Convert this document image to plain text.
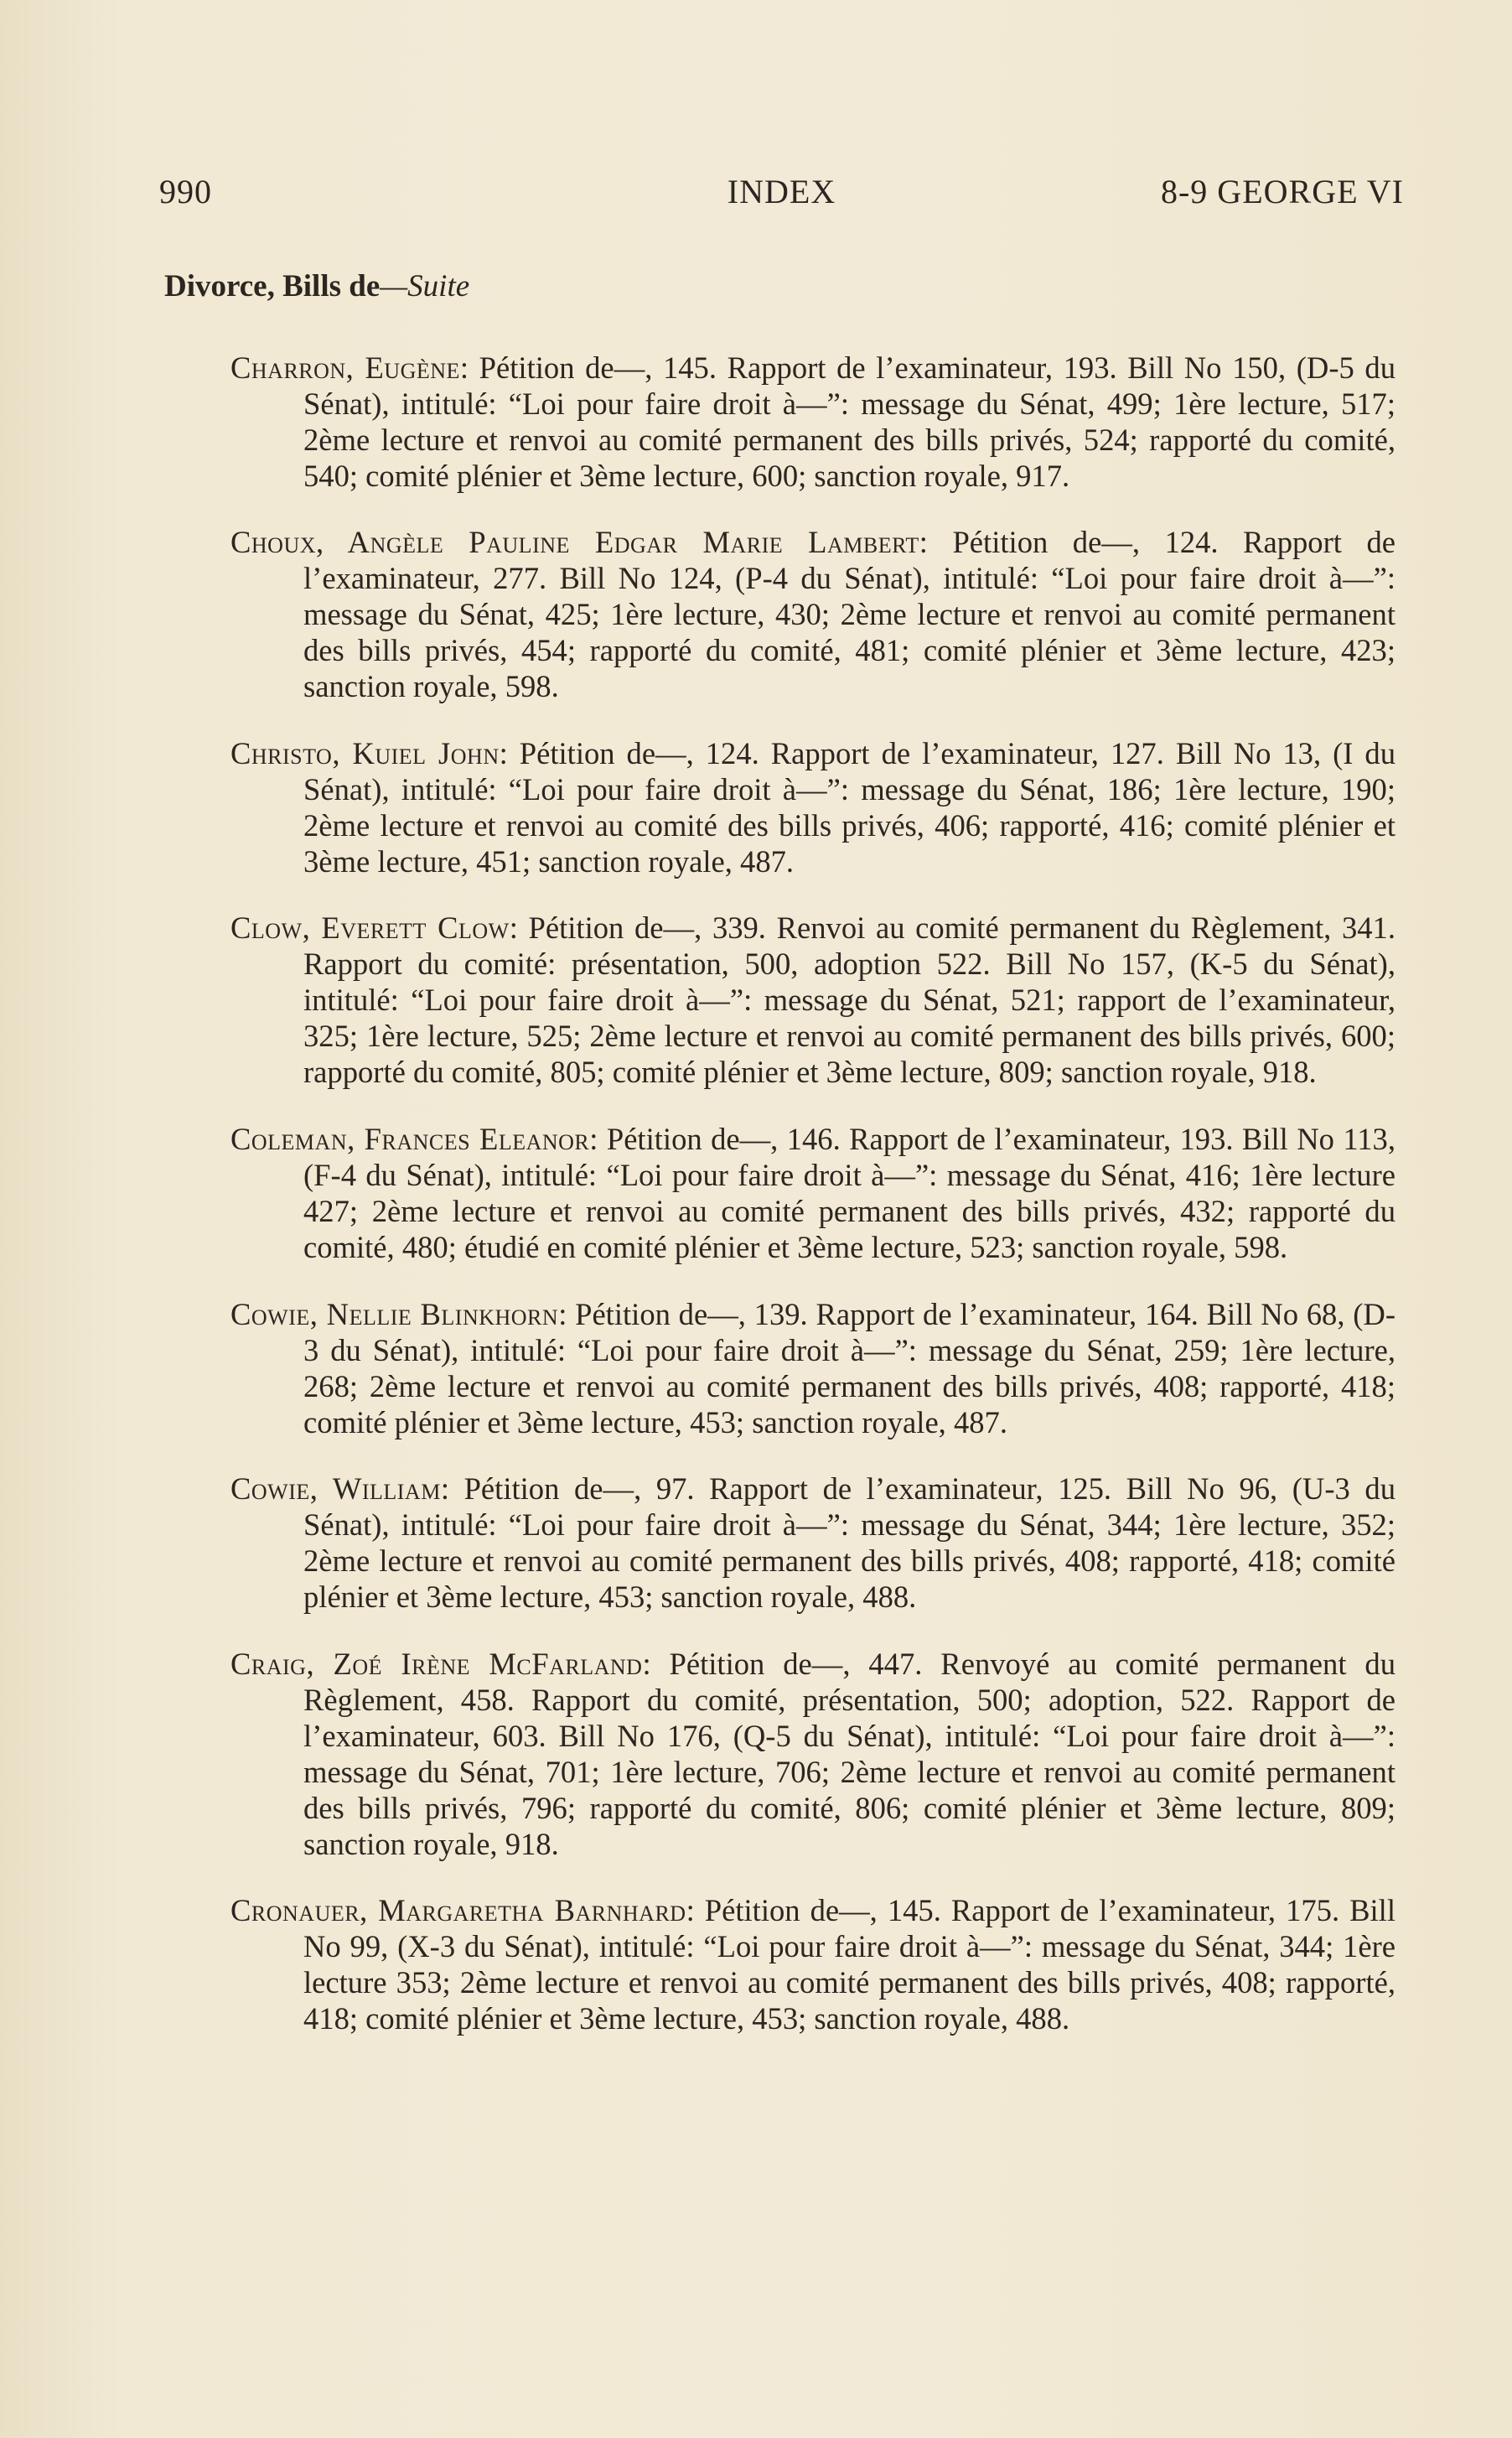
990	INDEX	8-9 GEORGE VI
Divorce, Bills de—Suite

Charron, Eugène: Pétition de—, 145. Rapport de l’examinateur, 193. Bill No 150, (D-5 du Sénat), intitulé: “Loi pour faire droit à—”: message du Sénat, 499; 1ère lecture, 517; 2ème lecture et renvoi au comité permanent des bills privés, 524; rapporté du comité, 540; comité plénier et 3ème lecture, 600; sanction royale, 917.

Choux, Angèle Pauline Edgar Marie Lambert: Pétition de—, 124. Rapport de l’examinateur, 277. Bill No 124, (P-4 du Sénat), intitulé: “Loi pour faire droit à—”: message du Sénat, 425; 1ère lecture, 430; 2ème lecture et renvoi au comité permanent des bills privés, 454; rapporté du comité, 481; comité plénier et 3ème lecture, 423; sanction royale, 598.

Christo, Kuiel John: Pétition de—, 124. Rapport de l’examinateur, 127. Bill No 13, (I du Sénat), intitulé: “Loi pour faire droit à—”: message du Sénat, 186; 1ère lecture, 190; 2ème lecture et renvoi au comité des bills privés, 406; rapporté, 416; comité plénier et 3ème lecture, 451; sanction royale, 487.

Clow, Everett Clow: Pétition de—, 339. Renvoi au comité permanent du Règlement, 341. Rapport du comité: présentation, 500, adoption 522. Bill No 157, (K-5 du Sénat), intitulé: “Loi pour faire droit à—”: message du Sénat, 521; rapport de l’examinateur, 325; 1ère lecture, 525; 2ème lecture et renvoi au comité permanent des bills privés, 600; rapporté du comité, 805; comité plénier et 3ème lecture, 809; sanction royale, 918.

Coleman, Frances Eleanor: Pétition de—, 146. Rapport de l’examinateur, 193. Bill No 113, (F-4 du Sénat), intitulé: “Loi pour faire droit à—”: message du Sénat, 416; 1ère lecture 427; 2ème lecture et renvoi au comité permanent des bills privés, 432; rapporté du comité, 480; étudié en comité plénier et 3ème lecture, 523; sanction royale, 598.

Cowie, Nellie Blinkhorn: Pétition de—, 139. Rapport de l’examinateur, 164. Bill No 68, (D-3 du Sénat), intitulé: “Loi pour faire droit à—”: message du Sénat, 259; 1ère lecture, 268; 2ème lecture et renvoi au comité permanent des bills privés, 408; rapporté, 418; comité plénier et 3ème lecture, 453; sanction royale, 487.

Cowie, William: Pétition de—, 97. Rapport de l’examinateur, 125. Bill No 96, (U-3 du Sénat), intitulé: “Loi pour faire droit à—”: message du Sénat, 344; 1ère lecture, 352; 2ème lecture et renvoi au comité permanent des bills privés, 408; rapporté, 418; comité plénier et 3ème lecture, 453; sanction royale, 488.

Craig, Zoé Irène McFarland: Pétition de—, 447. Renvoyé au comité permanent du Règlement, 458. Rapport du comité, présentation, 500; adoption, 522. Rapport de l’examinateur, 603. Bill No 176, (Q-5 du Sénat), intitulé: “Loi pour faire droit à—”: message du Sénat, 701; 1ère lecture, 706; 2ème lecture et renvoi au comité permanent des bills privés, 796; rapporté du comité, 806; comité plénier et 3ème lecture, 809; sanction royale, 918.

Cronauer, Margaretha Barnhard: Pétition de—, 145. Rapport de l’examinateur, 175. Bill No 99, (X-3 du Sénat), intitulé: “Loi pour faire droit à—”: message du Sénat, 344; 1ère lecture 353; 2ème lecture et renvoi au comité permanent des bills privés, 408; rapporté, 418; comité plénier et 3ème lecture, 453; sanction royale, 488.
